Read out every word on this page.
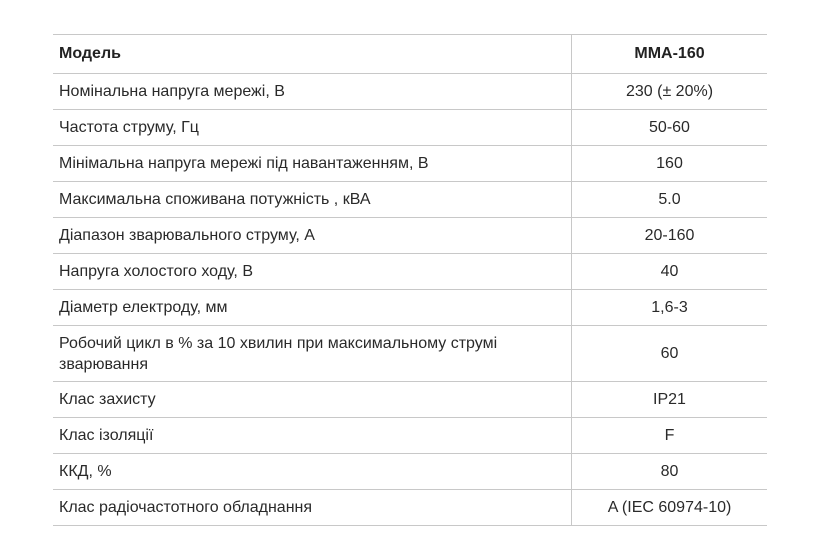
Модель	MMA-160
Номінальна напруга мережі, В	230 (± 20%)
Частота струму, Гц	50-60
Мінімальна напруга мережі під навантаженням, В	160
Максимальна споживана потужність , кВА	5.0
Діапазон зварювального струму, А	20-160
Напруга холостого ходу, В	40
Діаметр електроду, мм	1,6-3
Робочий цикл в % за 10 хвилин при максимальному струмі зварювання	60
Клас захисту	IP21
Клас ізоляції	F
ККД, %	80
Клас радіочастотного обладнання	A (IEC 60974-10)
